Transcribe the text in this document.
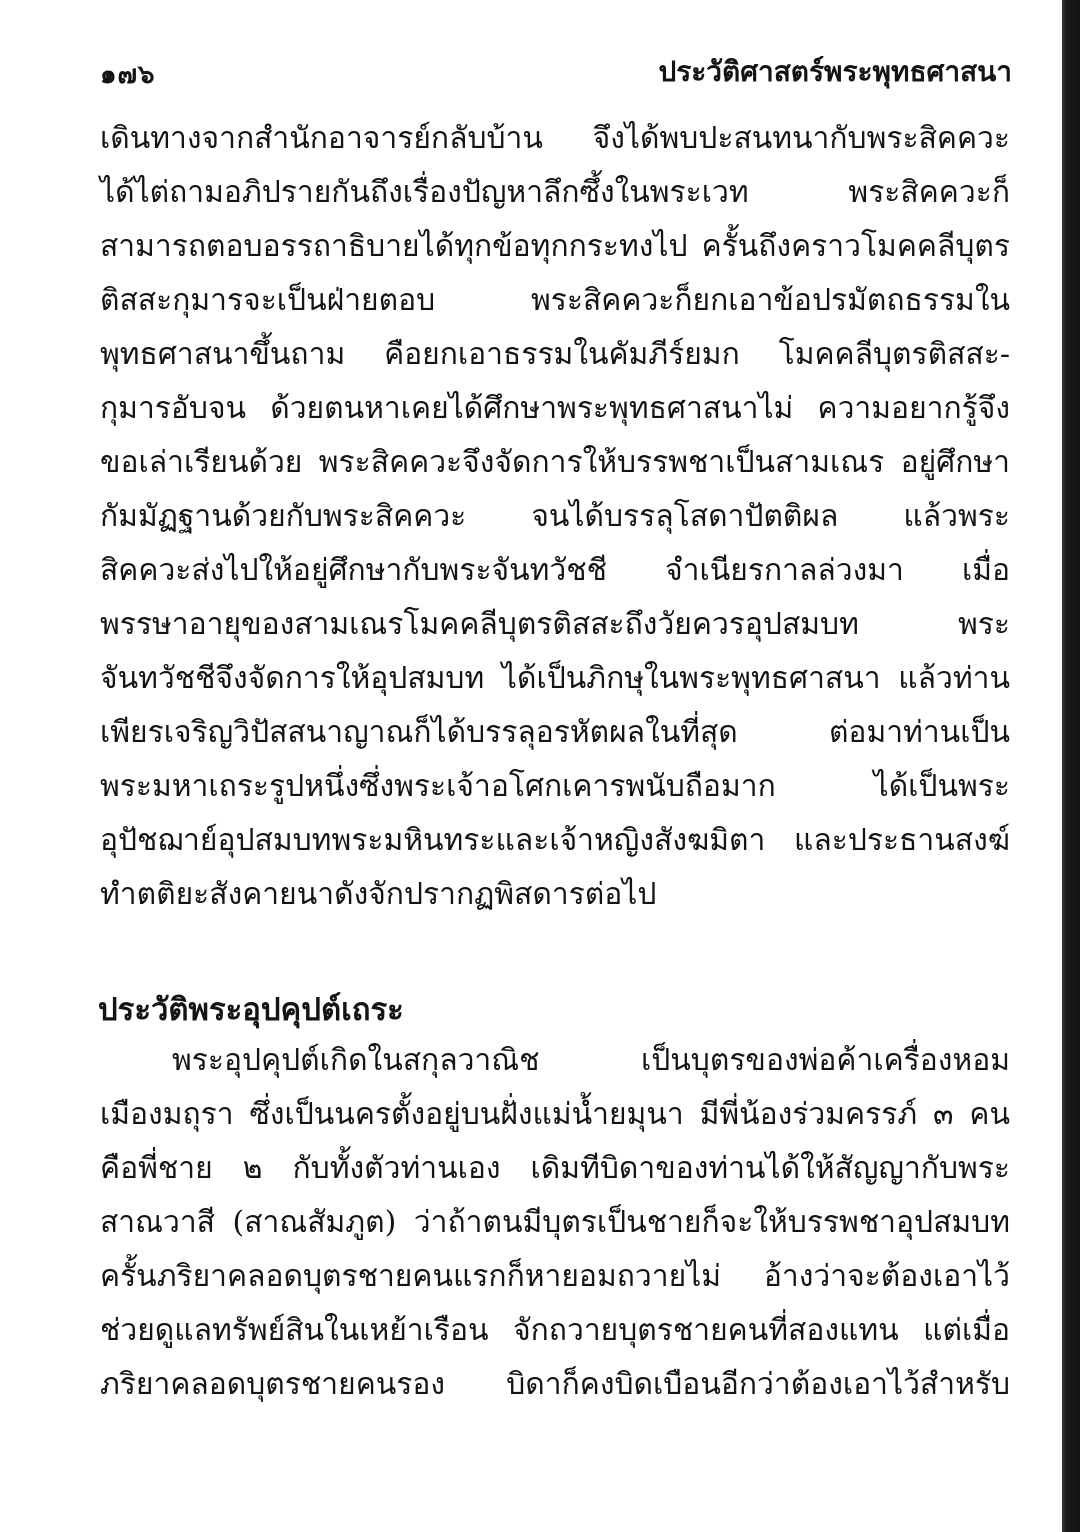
๑๗๖	ประวัติศาสตร์พระพุทธศาสนา
เดินทางจากสำนักอาจารย์กลับบ้าน จึงได้พบปะสนทนากับพระสิคควะ
ได้ไต่ถามอภิปรายกันถึงเรื่องปัญหาลึกซึ้งในพระเวท พระสิคควะก็
สามารถตอบอรรถาธิบายได้ทุกข้อทุกกระทงไป ครั้นถึงคราวโมคคลีบุตร
ติสสะกุมารจะเป็นฝ่ายตอบ พระสิคควะก็ยกเอาข้อปรมัตถธรรมใน
พุทธศาสนาขึ้นถาม คือยกเอาธรรมในคัมภีร์ยมก โมคคลีบุตรติสสะ-
กุมารอับจน ด้วยตนหาเคยได้ศึกษาพระพุทธศาสนาไม่ ความอยากรู้จึง
ขอเล่าเรียนด้วย พระสิคควะจึงจัดการให้บรรพชาเป็นสามเณร อยู่ศึกษา
กัมมัฏฐานด้วยกับพระสิคควะ จนได้บรรลุโสดาปัตติผล แล้วพระ
สิคควะส่งไปให้อยู่ศึกษากับพระจันทวัชชี จำเนียรกาลล่วงมา เมื่อ
พรรษาอายุของสามเณรโมคคลีบุตรติสสะถึงวัยควรอุปสมบท พระ
จันทวัชชีจึงจัดการให้อุปสมบท ได้เป็นภิกษุในพระพุทธศาสนา แล้วท่าน
เพียรเจริญวิปัสสนาญาณก็ได้บรรลุอรหัตผลในที่สุด ต่อมาท่านเป็น
พระมหาเถระรูปหนึ่งซึ่งพระเจ้าอโศกเคารพนับถือมาก ได้เป็นพระ
อุปัชฌาย์อุปสมบทพระมหินทระและเจ้าหญิงสังฆมิตา และประธานสงฆ์
ทำตติยะสังคายนาดังจักปรากฏพิสดารต่อไป
ประวัติพระอุปคุปต์เถระ
พระอุปคุปต์เกิดในสกุลวาณิช เป็นบุตรของพ่อค้าเครื่องหอม
เมืองมถุรา ซึ่งเป็นนครตั้งอยู่บนฝั่งแม่น้ำยมุนา มีพี่น้องร่วมครรภ์ ๓ คน
คือพี่ชาย ๒ กับทั้งตัวท่านเอง เดิมทีบิดาของท่านได้ให้สัญญากับพระ
สาณวาสี (สาณสัมภูต) ว่าถ้าตนมีบุตรเป็นชายก็จะให้บรรพชาอุปสมบท
ครั้นภริยาคลอดบุตรชายคนแรกก็หายอมถวายไม่ อ้างว่าจะต้องเอาไว้
ช่วยดูแลทรัพย์สินในเหย้าเรือน จักถวายบุตรชายคนที่สองแทน แต่เมื่อ
ภริยาคลอดบุตรชายคนรอง บิดาก็คงบิดเบือนอีกว่าต้องเอาไว้สำหรับ
